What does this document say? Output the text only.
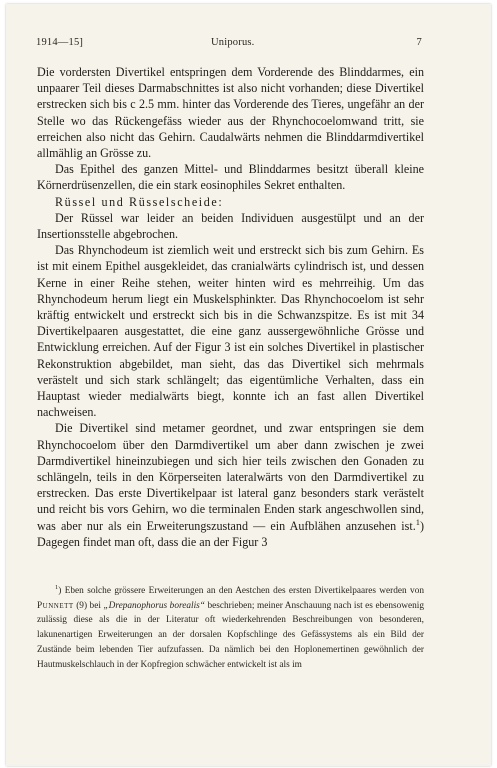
1914—15]	Uniporus.	7

Die vordersten Divertikel entspringen dem Vorderende des Blinddarmes, ein unpaarer Teil dieses Darmabschnittes ist also nicht vorhanden; diese Divertikel erstrecken sich bis c 2.5 mm. hinter das Vorderende des Tieres, ungefähr an der Stelle wo das Rückengefäss wieder aus der Rhynchocoelomwand tritt, sie erreichen also nicht das Gehirn. Caudalwärts nehmen die Blinddarmdivertikel allmählig an Grösse zu.

Das Epithel des ganzen Mittel- und Blinddarmes besitzt überall kleine Körnerdrüsenzellen, die ein stark eosinophiles Sekret enthalten.

Rüssel und Rüsselscheide:

Der Rüssel war leider an beiden Individuen ausgestülpt und an der Insertionsstelle abgebrochen.

Das Rhynchodeum ist ziemlich weit und erstreckt sich bis zum Gehirn. Es ist mit einem Epithel ausgekleidet, das cranialwärts cylindrisch ist, und dessen Kerne in einer Reihe stehen, weiter hinten wird es mehrreihig. Um das Rhynchodeum herum liegt ein Muskelsphinkter. Das Rhynchocoelom ist sehr kräftig entwickelt und erstreckt sich bis in die Schwanzspitze. Es ist mit 34 Divertikelpaaren ausgestattet, die eine ganz aussergewöhnliche Grösse und Entwicklung erreichen. Auf der Figur 3 ist ein solches Divertikel in plastischer Rekonstruktion abgebildet, man sieht, das das Divertikel sich mehrmals verästelt und sich stark schlängelt; das eigentümliche Verhalten, dass ein Hauptast wieder medialwärts biegt, konnte ich an fast allen Divertikel nachweisen.

Die Divertikel sind metamer geordnet, und zwar entspringen sie dem Rhynchocoelom über den Darmdivertikel um aber dann zwischen je zwei Darmdivertikel hineinzubiegen und sich hier teils zwischen den Gonaden zu schlängeln, teils in den Körperseiten lateralwärts von den Darmdivertikel zu erstrecken. Das erste Divertikelpaar ist lateral ganz besonders stark verästelt und reicht bis vors Gehirn, wo die terminalen Enden stark angeschwollen sind, was aber nur als ein Erweiterungszustand — ein Aufblähen anzusehen ist.$^1$) Dagegen findet man oft, dass die an der Figur 3

$^1$) Eben solche grössere Erweiterungen an den Aestchen des ersten Divertikelpaares werden von Punnett (9) bei „Drepanophorus borealis“ beschrieben; meiner Anschauung nach ist es ebensowenig zulässig diese als die in der Literatur oft wiederkehrenden Beschreibungen von besonderen, lakunenartigen Erweiterungen an der dorsalen Kopfschlinge des Gefässystems als ein Bild der Zustände beim lebenden Tier aufzufassen. Da nämlich bei den Hoplonemertinen gewöhnlich der Hautmuskelschlauch in der Kopfregion schwächer entwickelt ist als im
